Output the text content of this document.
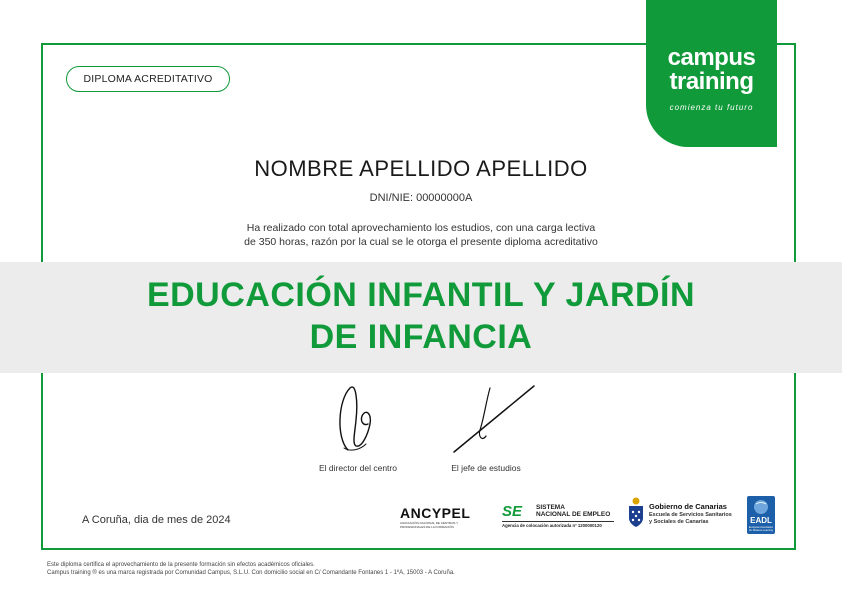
DIPLOMA ACREDITATIVO
campus
training
comienza tu futuro
NOMBRE APELLIDO APELLIDO
DNI/NIE: 00000000A
Ha realizado con total aprovechamiento los estudios, con una carga lectiva
de 350 horas, razón por la cual se le otorga el presente diploma acreditativo
EDUCACIÓN INFANTIL Y JARDÍN
DE INFANCIA
El director del centro	El jefe de estudios
A Coruña, dia de mes de 2024	ANCYPEL
ASOCIACIÓN NACIONAL DE CENTROS Y PROFESIONALES DE LA FORMACIÓN
SE SISTEMA
NACIONAL DE EMPLEO
Agencia de colocación autorizada nº 1200000120
Gobierno de Canarias
Escuela de Servicios Sanitarios
y Sociales de Canarias	EADL
European Association for Distance Learning
Este diploma certifica el aprovechamiento de la presente formación sin efectos académicos oficiales.
Campus training ® es una marca registrada por Comunidad Campus, S.L.U. Con domicilio social en C/ Comandante Fontanes 1 - 1ºA, 15003 - A Coruña.
